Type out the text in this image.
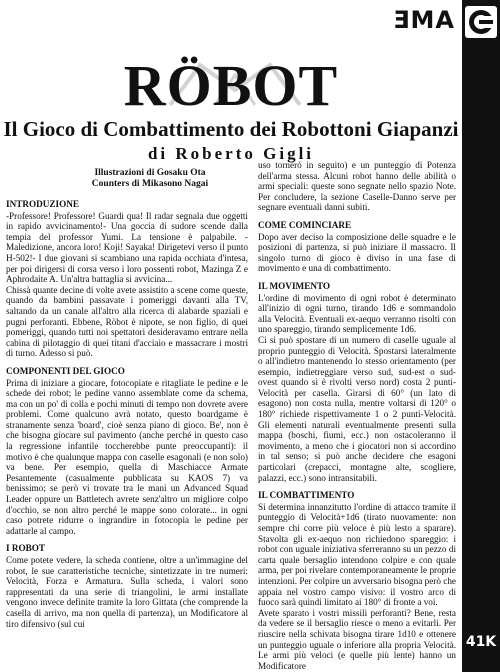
41K
ƎMA
RÖBOT
Il Gioco di Combattimento dei Robottoni Giapanzi
di Roberto Gigli
Illustrazioni di Gosaku Ota
Counters di Mikasono Nagai

INTRODUZIONE

-Professore! Professore! Guardi qua! Il radar segnala due oggetti in rapido avvicinamento!- Una goccia di sudore scende dalla tempia del professor Yumi. La tensione è palpabile. -Maledizione, ancora loro! Koji! Sayaka! Dirigetevi verso il punto H-502!- I due giovani si scambiano una rapida occhiata d'intesa, per poi dirigersi di corsa verso i loro possenti robot, Mazinga Z e Aphrodaite A. Un'altra battaglia si avvicina...

Chissà quante decine di volte avete assistito a scene come queste, quando da bambini passavate i pomeriggi davanti alla TV, saltando da un canale all'altro alla ricerca di alabarde spaziali e pugni perforanti. Ebbene, Röbot è nipote, se non figlio, di quei pomeriggi, quando tutti noi spettatori desideravamo entrare nella cabina di pilotaggio di quei titani d'acciaio e massacrare i mostri di turno. Adesso si può.

COMPONENTI DEL GIOCO

Prima di iniziare a giocare, fotocopiate e ritagliate le pedine e le schede dei robot; le pedine vanno assemblate come da schema, ma con un po' di colla e pochi minuti di tempo non dovrete avere problemi. Come qualcuno avrà notato, questo boardgame è stranamente senza 'board', cioè senza piano di gioco. Be', non è che bisogna giocare sul pavimento (anche perché in questo caso la regressione infantile toccherebbe punte preoccupanti): il motivo è che qualunque mappa con caselle esagonali (e non solo) va bene. Per esempio, quella di Maschiacce Armate Pesantemente (casualmente pubblicata su KAOS 7) va benissimo; se però vi trovate tra le mani un Advanced Squad Leader oppure un Battletech avrete senz'altro un migliore colpo d'occhio, se non altro perché le mappe sono colorate... in ogni caso potrete ridurre o ingrandire in fotocopia le pedine per adattarle al campo.

I ROBOT

Come potete vedere, la scheda contiene, oltre a un'immagine del robot, le sue caratteristiche tecniche, sintetizzate in tre numeri: Velocità, Forza e Armatura. Sulla scheda, i valori sono rappresentati da una serie di triangolini, le armi installate vengono invece definite tramite la loro Gittata (che comprende la casella di arrivo, ma non quella di partenza), un Modificatore al tiro difensivo (sul cui

uso torneró in seguito) e un punteggio di Potenza dell'arma stessa. Alcuni robot hanno delle abilità o armi speciali: queste sono segnate nello spazio Note. Per concludere, la sezione Caselle-Danno serve per segnare eventuali danni subiti.

COME COMINCIARE

Dopo aver deciso la composizione delle squadre e le posizioni di partenza, si può iniziare il massacro. Il singolo turno di gioco è diviso in una fase di movimento e una di combattimento.

IL MOVIMENTO

L'ordine di movimento di ogni robot è determinato all'inizio di ogni turno, tirando 1d6 e sommandolo alla Velocità. Eventuali ex-aequo verranno risolti con uno spareggio, tirando semplicemente 1d6.

Ci si può spostare di un numero di caselle uguale al proprio punteggio di Velocità. Spostarsi lateralmente o all'indietro mantenendo lo stesso orientamento (per esempio, indietreggiare verso sud, sud-est o sud-ovest quando si è rivolti verso nord) costa 2 punti-Velocità per casella. Girarsi di 60° (un lato di esagono) non costa nulla, mentre voltarsi di 120° o 180° richiede rispettivamente 1 o 2 punti-Velocità. Gli elementi naturali eventualmente presenti sulla mappa (boschi, fiumi, ecc.) non ostacoleranno il movimento, a meno che i giocatori non si accordino in tal senso; si può anche decidere che esagoni particolari (crepacci, montagne alte, scogliere, palazzi, ecc.) sono intransitabili.

IL COMBATTIMENTO

Si determina innanzitutto l'ordine di attacco tramite il punteggio di Velocità+1d6 (tirato nuovamente: non sempre chi corre più veloce è più lesto a sparare). Stavolta gli ex-aequo non richiedono spareggio: i robot con uguale iniziativa sferreranno su un pezzo di carta quale bersaglio intendono colpire e con quale arma, per poi rivelare contemporaneamente le proprie intenzioni. Per colpire un avversario bisogna però che appaia nel vostro campo visivo: il vostro arco di fuoco sarà quindi limitato ai 180° di fronte a voi.

Avete sparato i vostri missili perforanti? Bene, resta da vedere se il bersaglio riesce o meno a evitarli. Per riuscire nella schivata bisogna tirare 1d10 e ottenere un punteggio uguale o inferiore alla propria Velocità. Le armi più veloci (e quelle più lente) hanno un Modificatore
